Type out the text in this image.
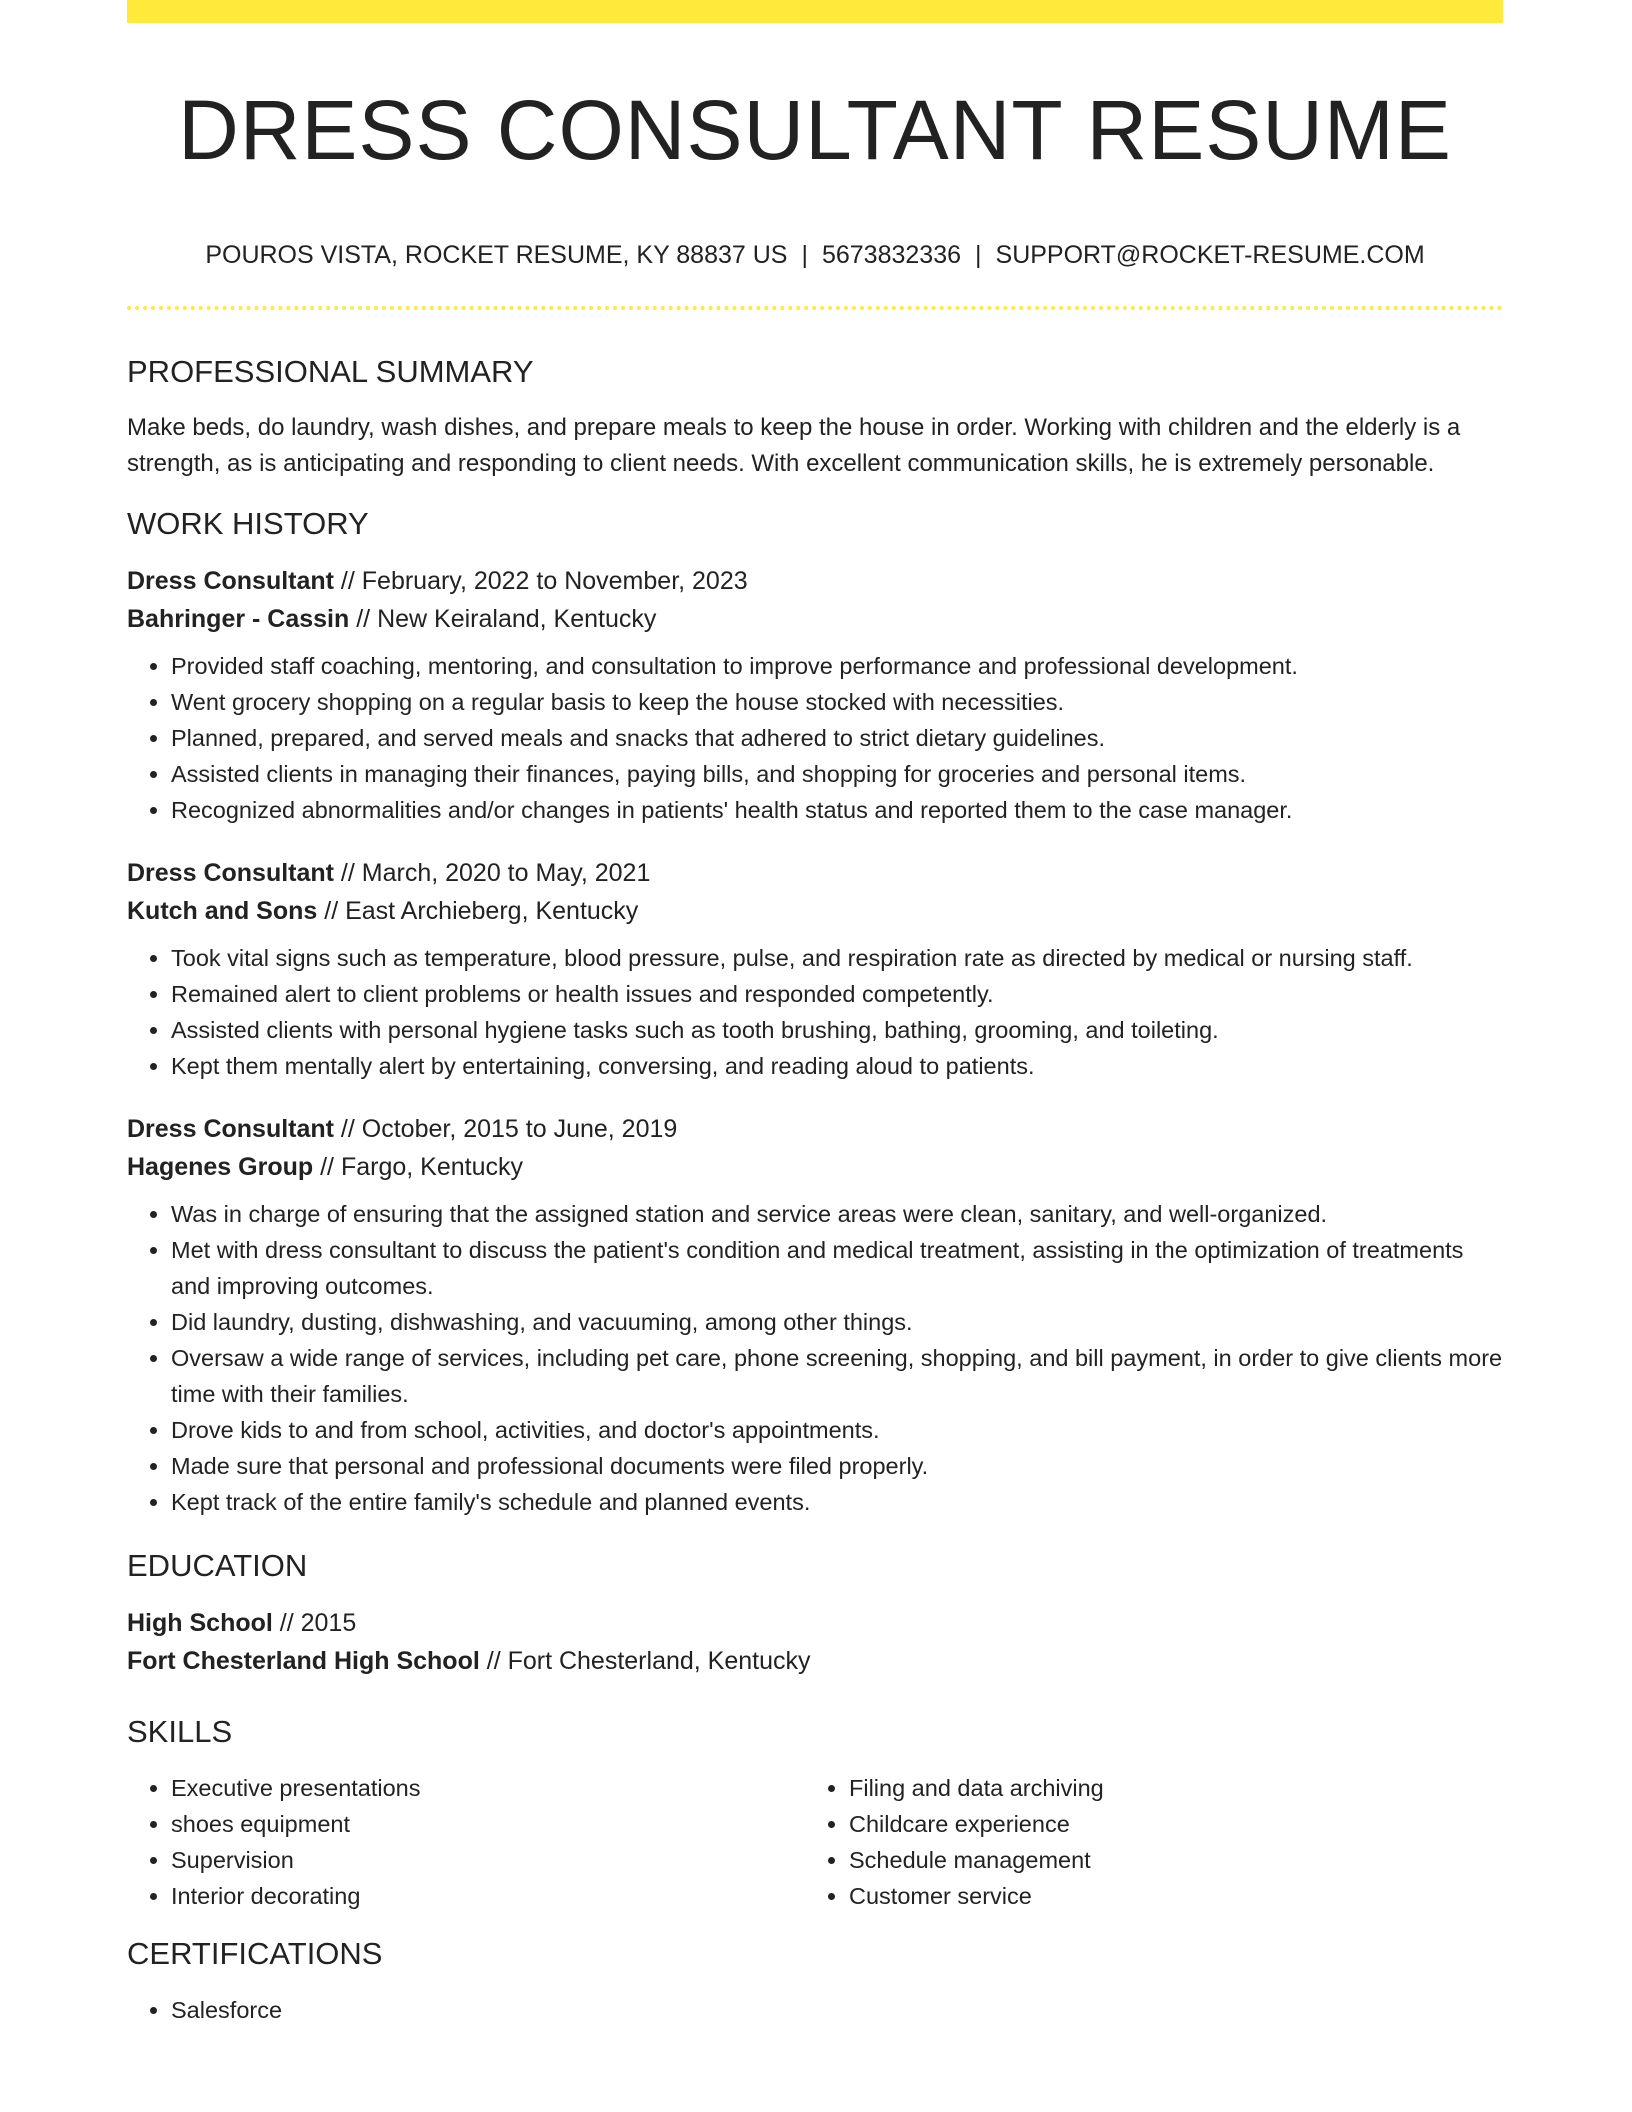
DRESS CONSULTANT RESUME
POUROS VISTA, ROCKET RESUME, KY 88837 US | 5673832336 | SUPPORT@ROCKET-RESUME.COM
PROFESSIONAL SUMMARY

Make beds, do laundry, wash dishes, and prepare meals to keep the house in order. Working with children and the elderly is a strength, as is anticipating and responding to client needs. With excellent communication skills, he is extremely personable.

WORK HISTORY
Dress Consultant // February, 2022 to November, 2023
Bahringer - Cassin // New Keiraland, Kentucky
• Provided staff coaching, mentoring, and consultation to improve performance and professional development.
• Went grocery shopping on a regular basis to keep the house stocked with necessities.
• Planned, prepared, and served meals and snacks that adhered to strict dietary guidelines.
• Assisted clients in managing their finances, paying bills, and shopping for groceries and personal items.
• Recognized abnormalities and/or changes in patients' health status and reported them to the case manager.
Dress Consultant // March, 2020 to May, 2021
Kutch and Sons // East Archieberg, Kentucky
• Took vital signs such as temperature, blood pressure, pulse, and respiration rate as directed by medical or nursing staff.
• Remained alert to client problems or health issues and responded competently.
• Assisted clients with personal hygiene tasks such as tooth brushing, bathing, grooming, and toileting.
• Kept them mentally alert by entertaining, conversing, and reading aloud to patients.
Dress Consultant // October, 2015 to June, 2019
Hagenes Group // Fargo, Kentucky
• Was in charge of ensuring that the assigned station and service areas were clean, sanitary, and well-organized.
• Met with dress consultant to discuss the patient's condition and medical treatment, assisting in the optimization of treatments and improving outcomes.
• Did laundry, dusting, dishwashing, and vacuuming, among other things.
• Oversaw a wide range of services, including pet care, phone screening, shopping, and bill payment, in order to give clients more time with their families.
• Drove kids to and from school, activities, and doctor's appointments.
• Made sure that personal and professional documents were filed properly.
• Kept track of the entire family's schedule and planned events.
EDUCATION
High School // 2015
Fort Chesterland High School // Fort Chesterland, Kentucky
SKILLS
• Executive presentations
• shoes equipment
• Supervision
• Interior decorating
• Filing and data archiving
• Childcare experience
• Schedule management
• Customer service
CERTIFICATIONS
• Salesforce
